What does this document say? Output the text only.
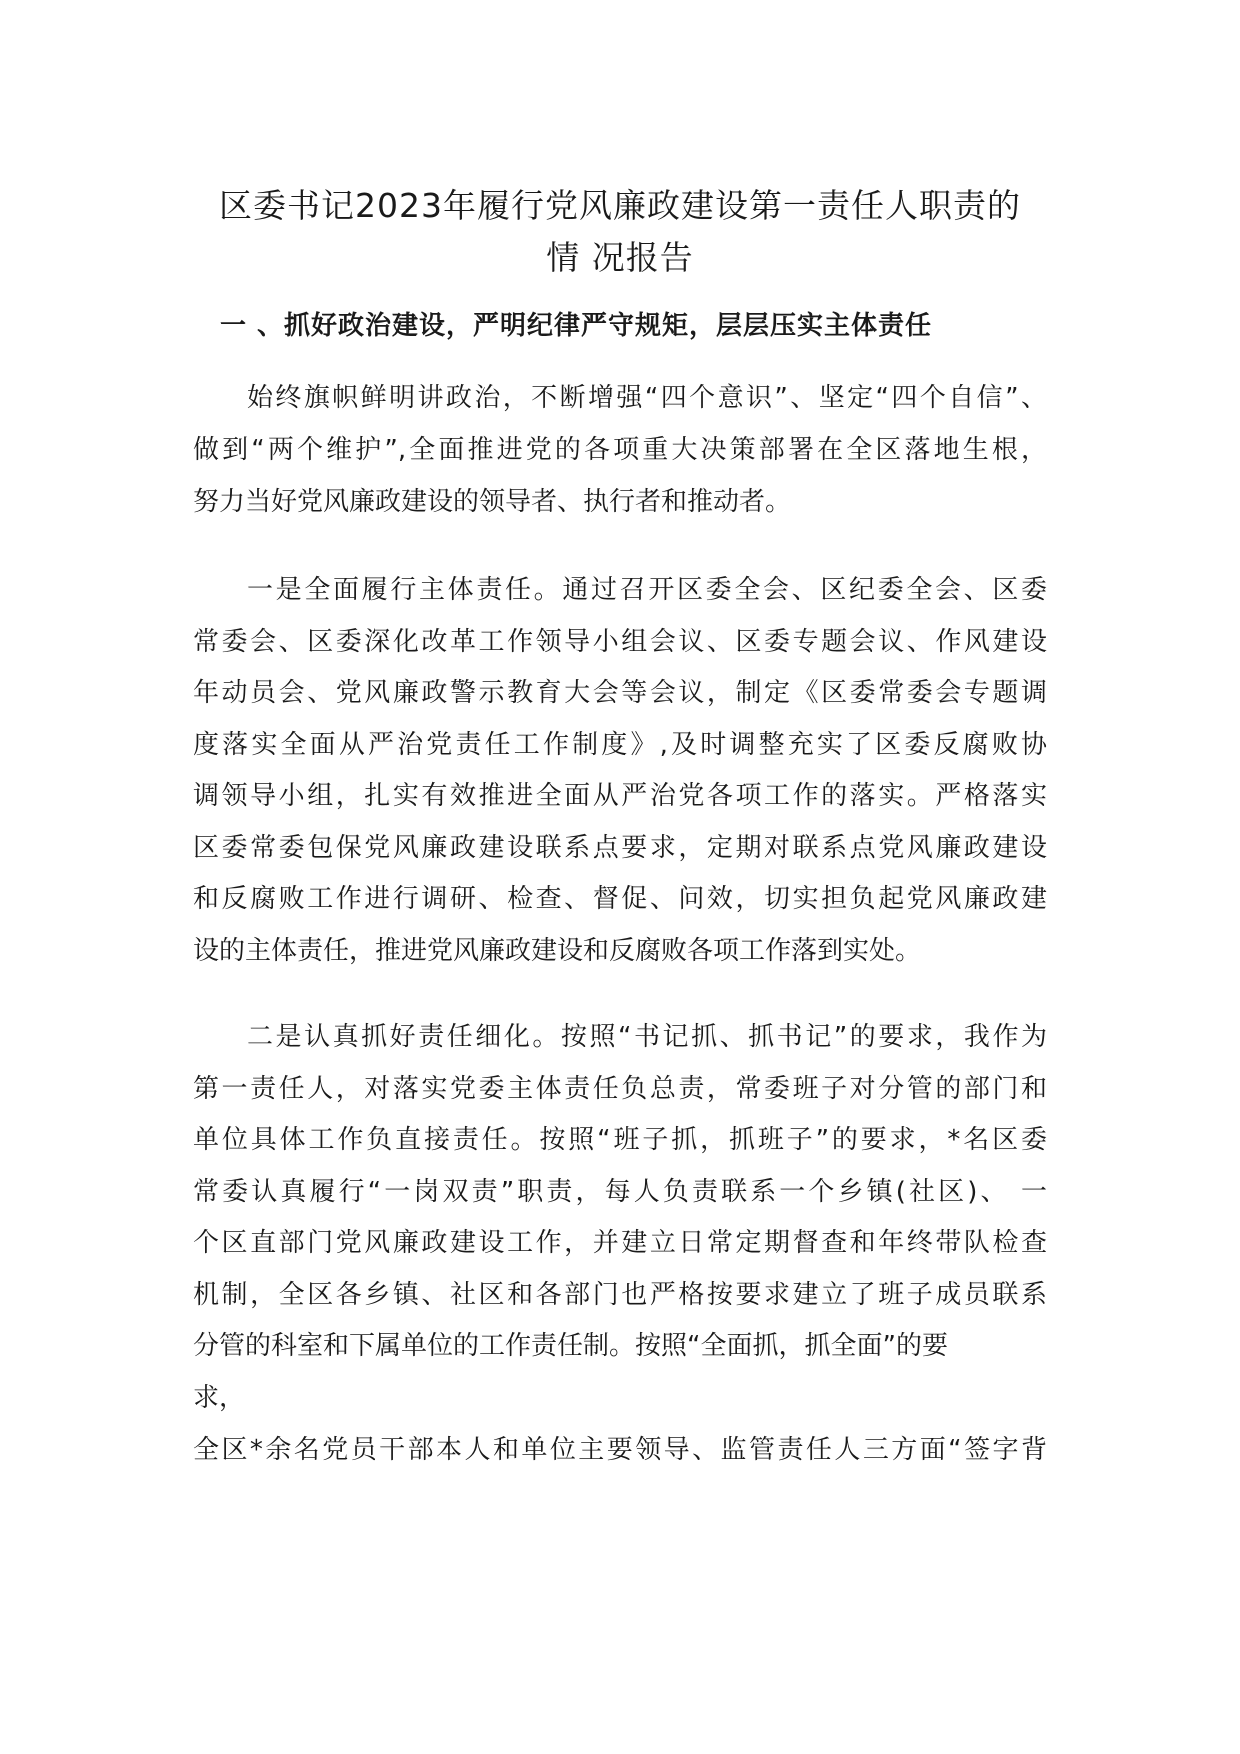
区委书记2023年履行党风廉政建设第一责任人职责的
情 况报告
一 、抓好政治建设，严明纪律严守规矩，层层压实主体责任

始终旗帜鲜明讲政治，不断增强“四个意识”、坚定“四个自信”、

做到“两个维护”,全面推进党的各项重大决策部署在全区落地生根，

努力当好党风廉政建设的领导者、执行者和推动者。

一是全面履行主体责任。通过召开区委全会、区纪委全会、区委

常委会、区委深化改革工作领导小组会议、区委专题会议、作风建设

年动员会、党风廉政警示教育大会等会议，制定《区委常委会专题调

度落实全面从严治党责任工作制度》,及时调整充实了区委反腐败协

调领导小组，扎实有效推进全面从严治党各项工作的落实。严格落实

区委常委包保党风廉政建设联系点要求，定期对联系点党风廉政建设

和反腐败工作进行调研、检查、督促、问效，切实担负起党风廉政建

设的主体责任，推进党风廉政建设和反腐败各项工作落到实处。

二是认真抓好责任细化。按照“书记抓、抓书记”的要求，我作为

第一责任人，对落实党委主体责任负总责，常委班子对分管的部门和

单位具体工作负直接责任。按照“班子抓，抓班子”的要求，*名区委

常委认真履行“一岗双责”职责，每人负责联系一个乡镇(社区)、 一

个区直部门党风廉政建设工作，并建立日常定期督查和年终带队检查

机制，全区各乡镇、社区和各部门也严格按要求建立了班子成员联系

分管的科室和下属单位的工作责任制。按照“全面抓，抓全面”的要

求，

全区*余名党员干部本人和单位主要领导、监管责任人三方面“签字背
